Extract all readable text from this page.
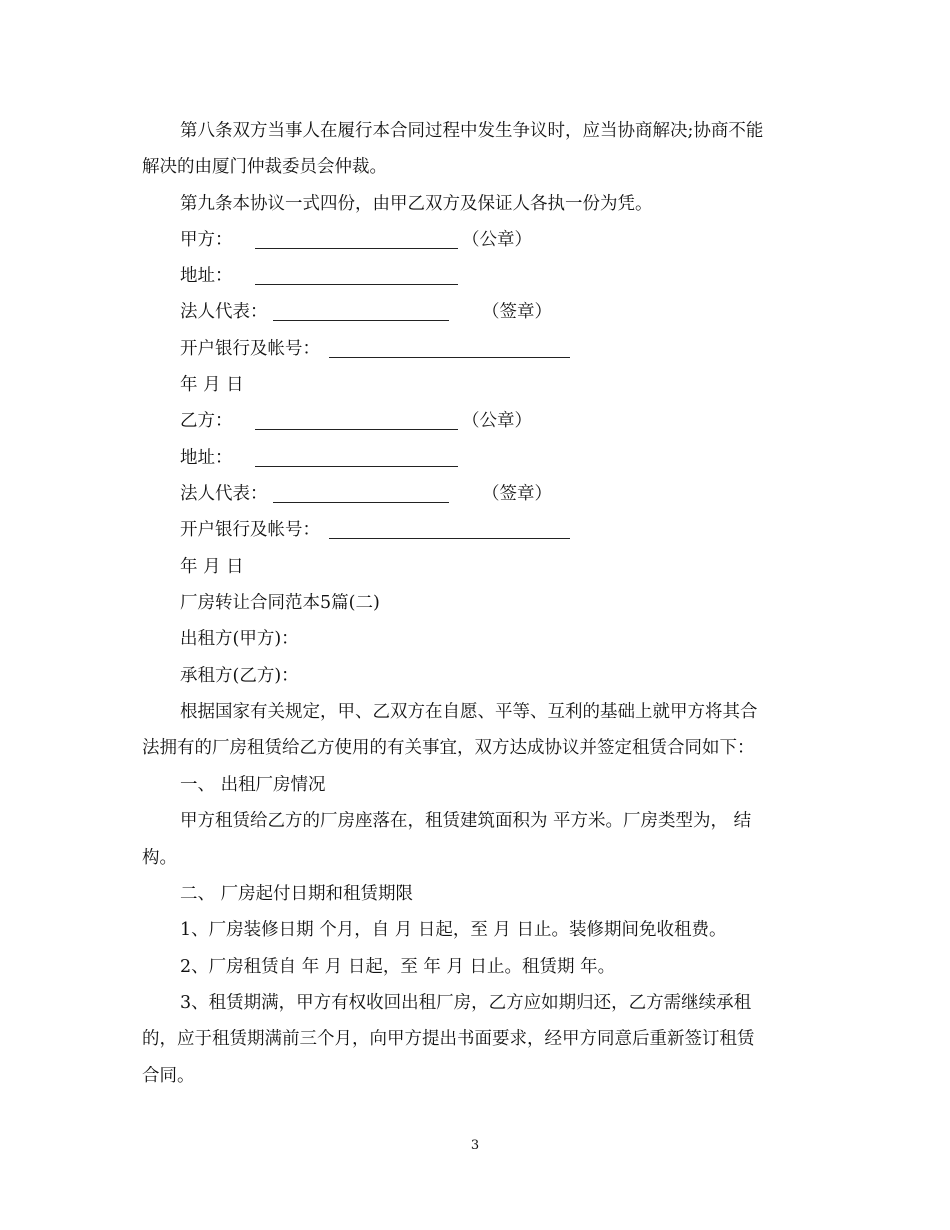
第八条双方当事人在履行本合同过程中发生争议时，应当协商解决;协商不能
解决的由厦门仲裁委员会仲裁。
第九条本协议一式四份，由甲乙双方及保证人各执一份为凭。
甲方：	（公章）
地址：
法人代表：	（签章）
开户银行及帐号：
年 月 日
乙方：	（公章）
地址：
法人代表：	（签章）
开户银行及帐号：
年 月 日
厂房转让合同范本5篇(二)
出租方(甲方)：
承租方(乙方)：
根据国家有关规定，甲、乙双方在自愿、平等、互利的基础上就甲方将其合
法拥有的厂房租赁给乙方使用的有关事宜，双方达成协议并签定租赁合同如下：
一、 出租厂房情况
甲方租赁给乙方的厂房座落在，租赁建筑面积为 平方米。厂房类型为， 结
构。
二、 厂房起付日期和租赁期限
1、厂房装修日期 个月，自 月 日起，至 月 日止。装修期间免收租费。
2、厂房租赁自 年 月 日起，至 年 月 日止。租赁期 年。
3、租赁期满，甲方有权收回出租厂房，乙方应如期归还，乙方需继续承租
的，应于租赁期满前三个月，向甲方提出书面要求，经甲方同意后重新签订租赁
合同。
3
